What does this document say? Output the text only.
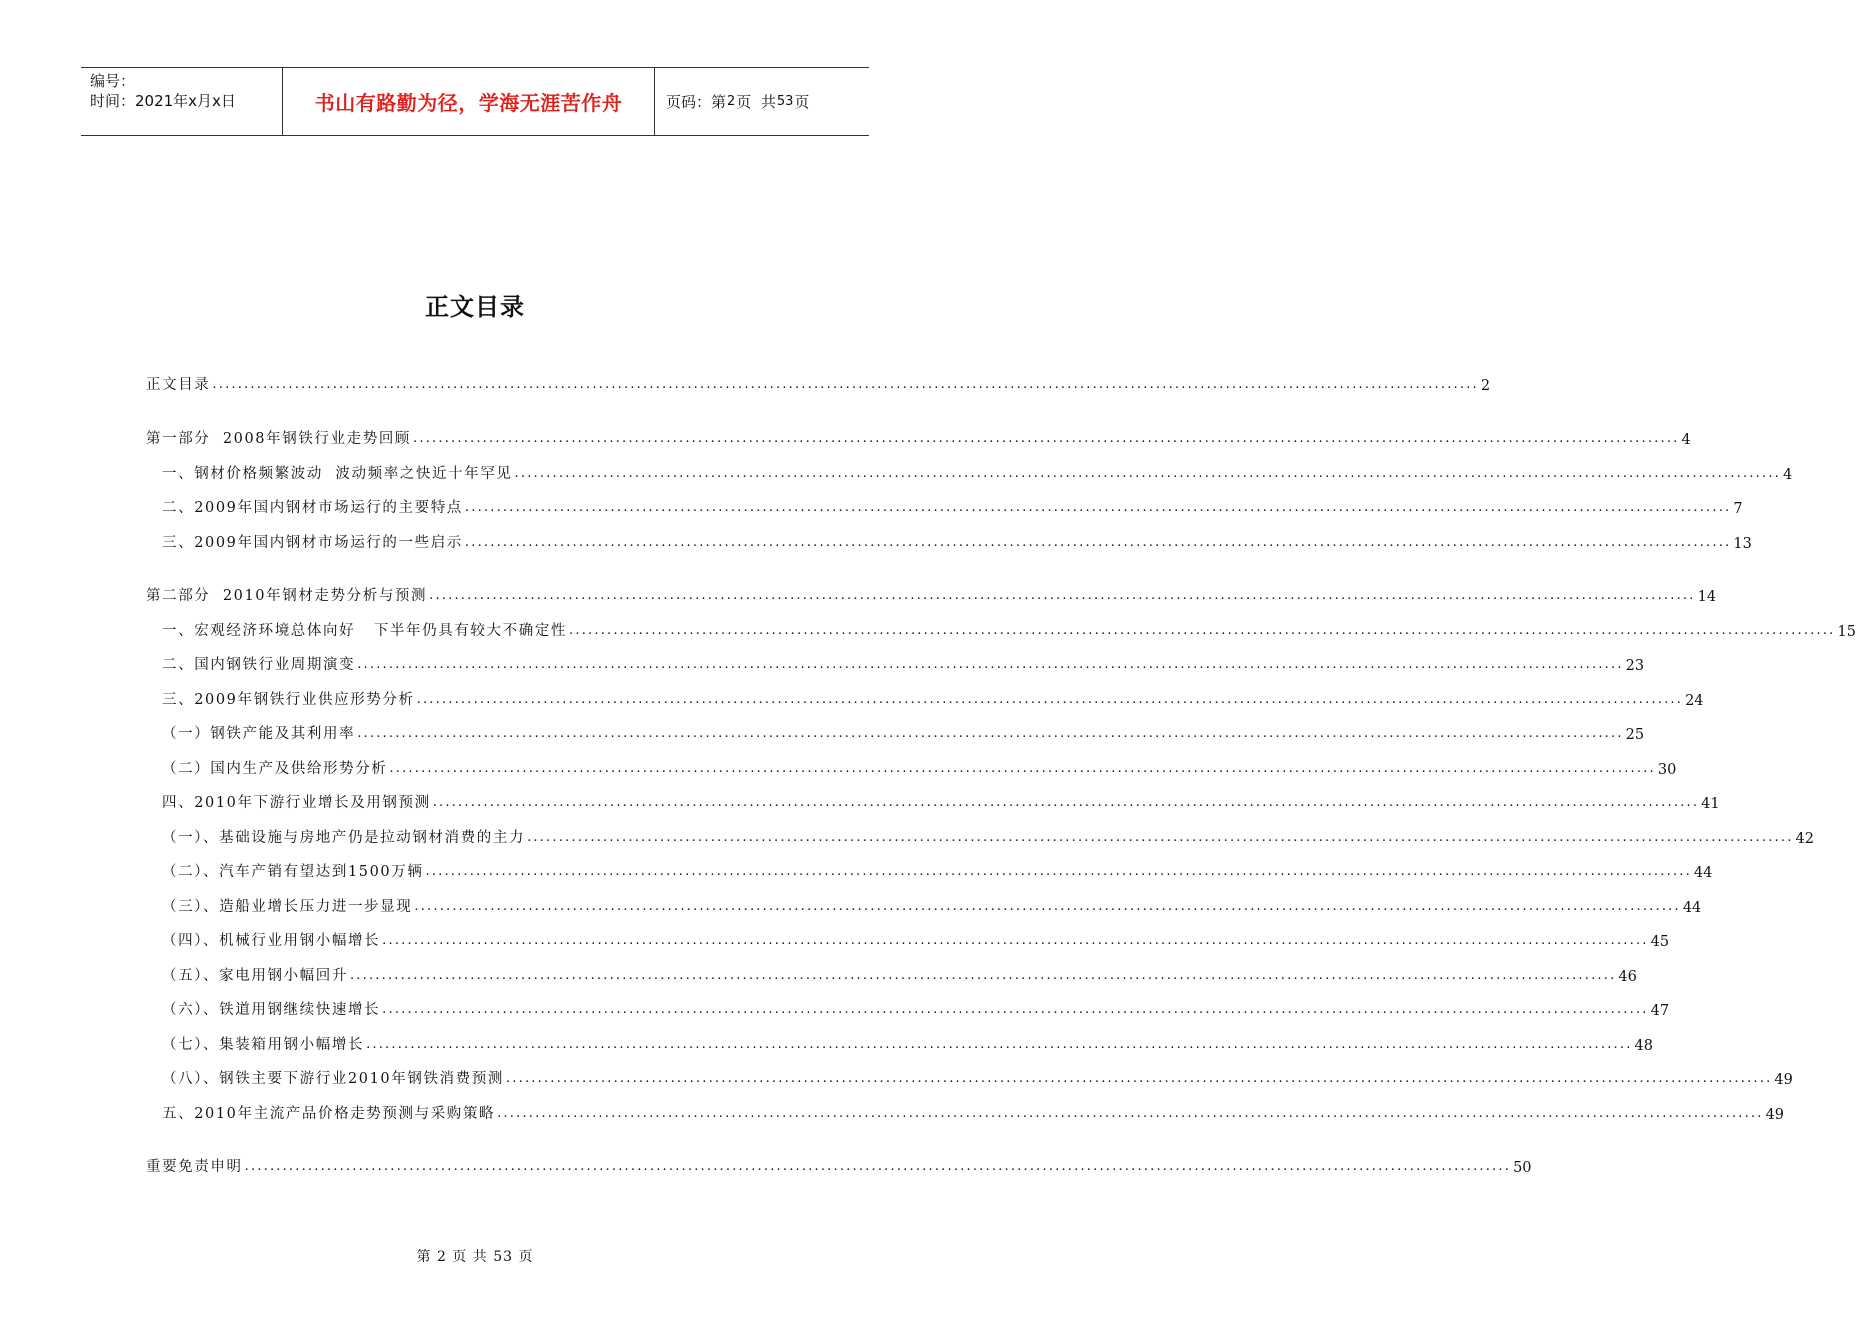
编号：
时间：2021年x月x日	书山有路勤为径，学海无涯苦作舟	页码：第 2 页  共 53 页
正文目录
正文目录 ........................................................................................................................................................................................................ 2
第一部分  2008年钢铁行业走势回顾 ........................................................................................................................................................................................................ 4
一、钢材价格频繁波动  波动频率之快近十年罕见 ........................................................................................................................................................................................................ 4
二、2009年国内钢材市场运行的主要特点 ........................................................................................................................................................................................................ 7
三、2009年国内钢材市场运行的一些启示 ........................................................................................................................................................................................................ 13
第二部分  2010年钢材走势分析与预测 ........................................................................................................................................................................................................ 14
一、宏观经济环境总体向好   下半年仍具有较大不确定性 ........................................................................................................................................................................................................ 15
二、国内钢铁行业周期演变 ........................................................................................................................................................................................................ 23
三、2009年钢铁行业供应形势分析 ........................................................................................................................................................................................................ 24
（一）钢铁产能及其利用率 ........................................................................................................................................................................................................ 25
（二）国内生产及供给形势分析 ........................................................................................................................................................................................................ 30
四、2010年下游行业增长及用钢预测 ........................................................................................................................................................................................................ 41
（一）、基础设施与房地产仍是拉动钢材消费的主力 ........................................................................................................................................................................................................ 42
（二）、汽车产销有望达到1500万辆 ........................................................................................................................................................................................................ 44
（三）、造船业增长压力进一步显现 ........................................................................................................................................................................................................ 44
（四）、机械行业用钢小幅增长 ........................................................................................................................................................................................................ 45
（五）、家电用钢小幅回升 ........................................................................................................................................................................................................ 46
（六）、铁道用钢继续快速增长 ........................................................................................................................................................................................................ 47
（七）、集装箱用钢小幅增长 ........................................................................................................................................................................................................ 48
（八）、钢铁主要下游行业2010年钢铁消费预测 ........................................................................................................................................................................................................ 49
五、2010年主流产品价格走势预测与采购策略 ........................................................................................................................................................................................................ 49
重要免责申明 ........................................................................................................................................................................................................ 50
第 2 页 共 53 页
